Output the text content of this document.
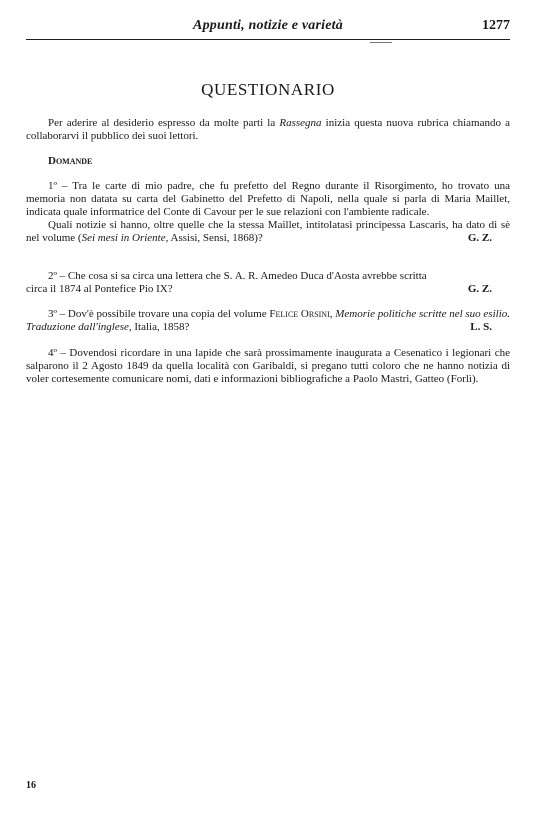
Appunti, notizie e varietà	1277
QUESTIONARIO

Per aderire al desiderio espresso da molte parti la Rassegna inizia questa nuova rubrica chiamando a collaborarvi il pubblico dei suoi lettori.

Domande

1º – Tra le carte di mio padre, che fu prefetto del Regno durante il Risorgimento, ho trovato una memoria non datata su carta del Gabinetto del Prefetto di Napoli, nella quale si parla di Maria Maillet, indicata quale informatrice del Conte di Cavour per le sue relazioni con l'ambiente radicale.

Quali notizie si hanno, oltre quelle che la stessa Maillet, intitolatasi principessa Lascaris, ha dato di sè nel volume (Sei mesi in Oriente, Assisi, Sensi, 1868)?	G. Z.

2º – Che cosa si sa circa una lettera che S. A. R. Amedeo Duca d'Aosta avrebbe scritta

circa il 1874 al Pontefice Pio IX?	G. Z.

3º – Dov'è possibile trovare una copia del volume Felice Orsini, Memorie politiche scritte nel suo esilio. Traduzione dall'inglese, Italia, 1858?	L. S.

4º – Dovendosi ricordare in una lapide che sarà prossimamente inaugurata a Cesenatico i legionari che salparono il 2 Agosto 1849 da quella località con Garibaldi, si pregano tutti coloro che ne hanno notizia di voler cortesemente comunicare nomi, dati e informazioni bibliografiche a Paolo Mastri, Gatteo (Forlì).

16
